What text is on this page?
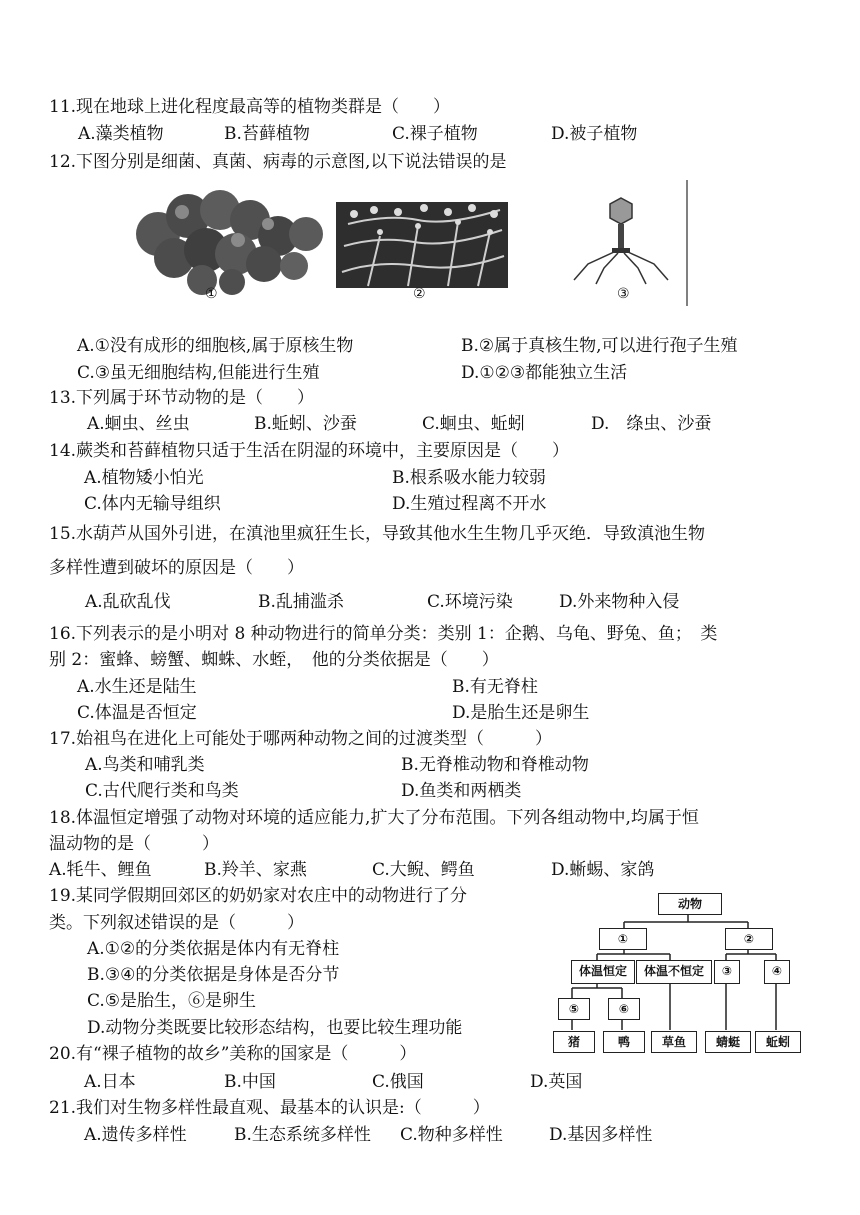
11.现在地球上进化程度最高等的植物类群是（　　）
A.藻类植物	B.苔藓植物	C.裸子植物	D.被子植物
12.下图分别是细菌、真菌、病毒的示意图,以下说法错误的是
①	②	③
A.①没有成形的细胞核,属于原核生物	B.②属于真核生物,可以进行孢子生殖
C.③虽无细胞结构,但能进行生殖	D.①②③都能独立生活
13.下列属于环节动物的是（　　）
A.蛔虫、丝虫	B.蚯蚓、沙蚕	C.蛔虫、蚯蚓	D.　绦虫、沙蚕
14.蕨类和苔藓植物只适于生活在阴湿的环境中，主要原因是（　　）
A.植物矮小怕光	B.根系吸水能力较弱
C.体内无输导组织	D.生殖过程离不开水
15.水葫芦从国外引进，在滇池里疯狂生长，导致其他水生生物几乎灭绝．导致滇池生物
多样性遭到破坏的原因是（　　）
A.乱砍乱伐	B.乱捕滥杀	C.环境污染	D.外来物种入侵
16.下列表示的是小明对 8 种动物进行的简单分类：类别 1：企鹅、乌龟、野兔、鱼；　类
别 2：蜜蜂、螃蟹、蜘蛛、水蛭，　他的分类依据是（　　）
A.水生还是陆生	B.有无脊柱
C.体温是否恒定	D.是胎生还是卵生
17.始祖鸟在进化上可能处于哪两种动物之间的过渡类型（　　　）
A.鸟类和哺乳类	B.无脊椎动物和脊椎动物
C.古代爬行类和鸟类	D.鱼类和两栖类
18.体温恒定增强了动物对环境的适应能力,扩大了分布范围。下列各组动物中,均属于恒
温动物的是（　　　）
A.牦牛、鲤鱼	B.羚羊、家燕	C.大鲵、鳄鱼	D.蜥蜴、家鸽
19.某同学假期回郊区的奶奶家对农庄中的动物进行了分
类。下列叙述错误的是（　　　）
A.①②的分类依据是体内有无脊柱
B.③④的分类依据是身体是否分节
C.⑤是胎生，⑥是卵生
D.动物分类既要比较形态结构，也要比较生理功能
动物
①	②
体温恒定	体温不恒定	③	④
⑤	⑥
猪	鸭	草鱼	蜻蜓	蚯蚓
20.有“裸子植物的故乡”美称的国家是（　　　）
A.日本	B.中国	C.俄国	D.英国
21.我们对生物多样性最直观、最基本的认识是:（　　　）
A.遗传多样性	B.生态系统多样性 C.物种多样性	D.基因多样性
